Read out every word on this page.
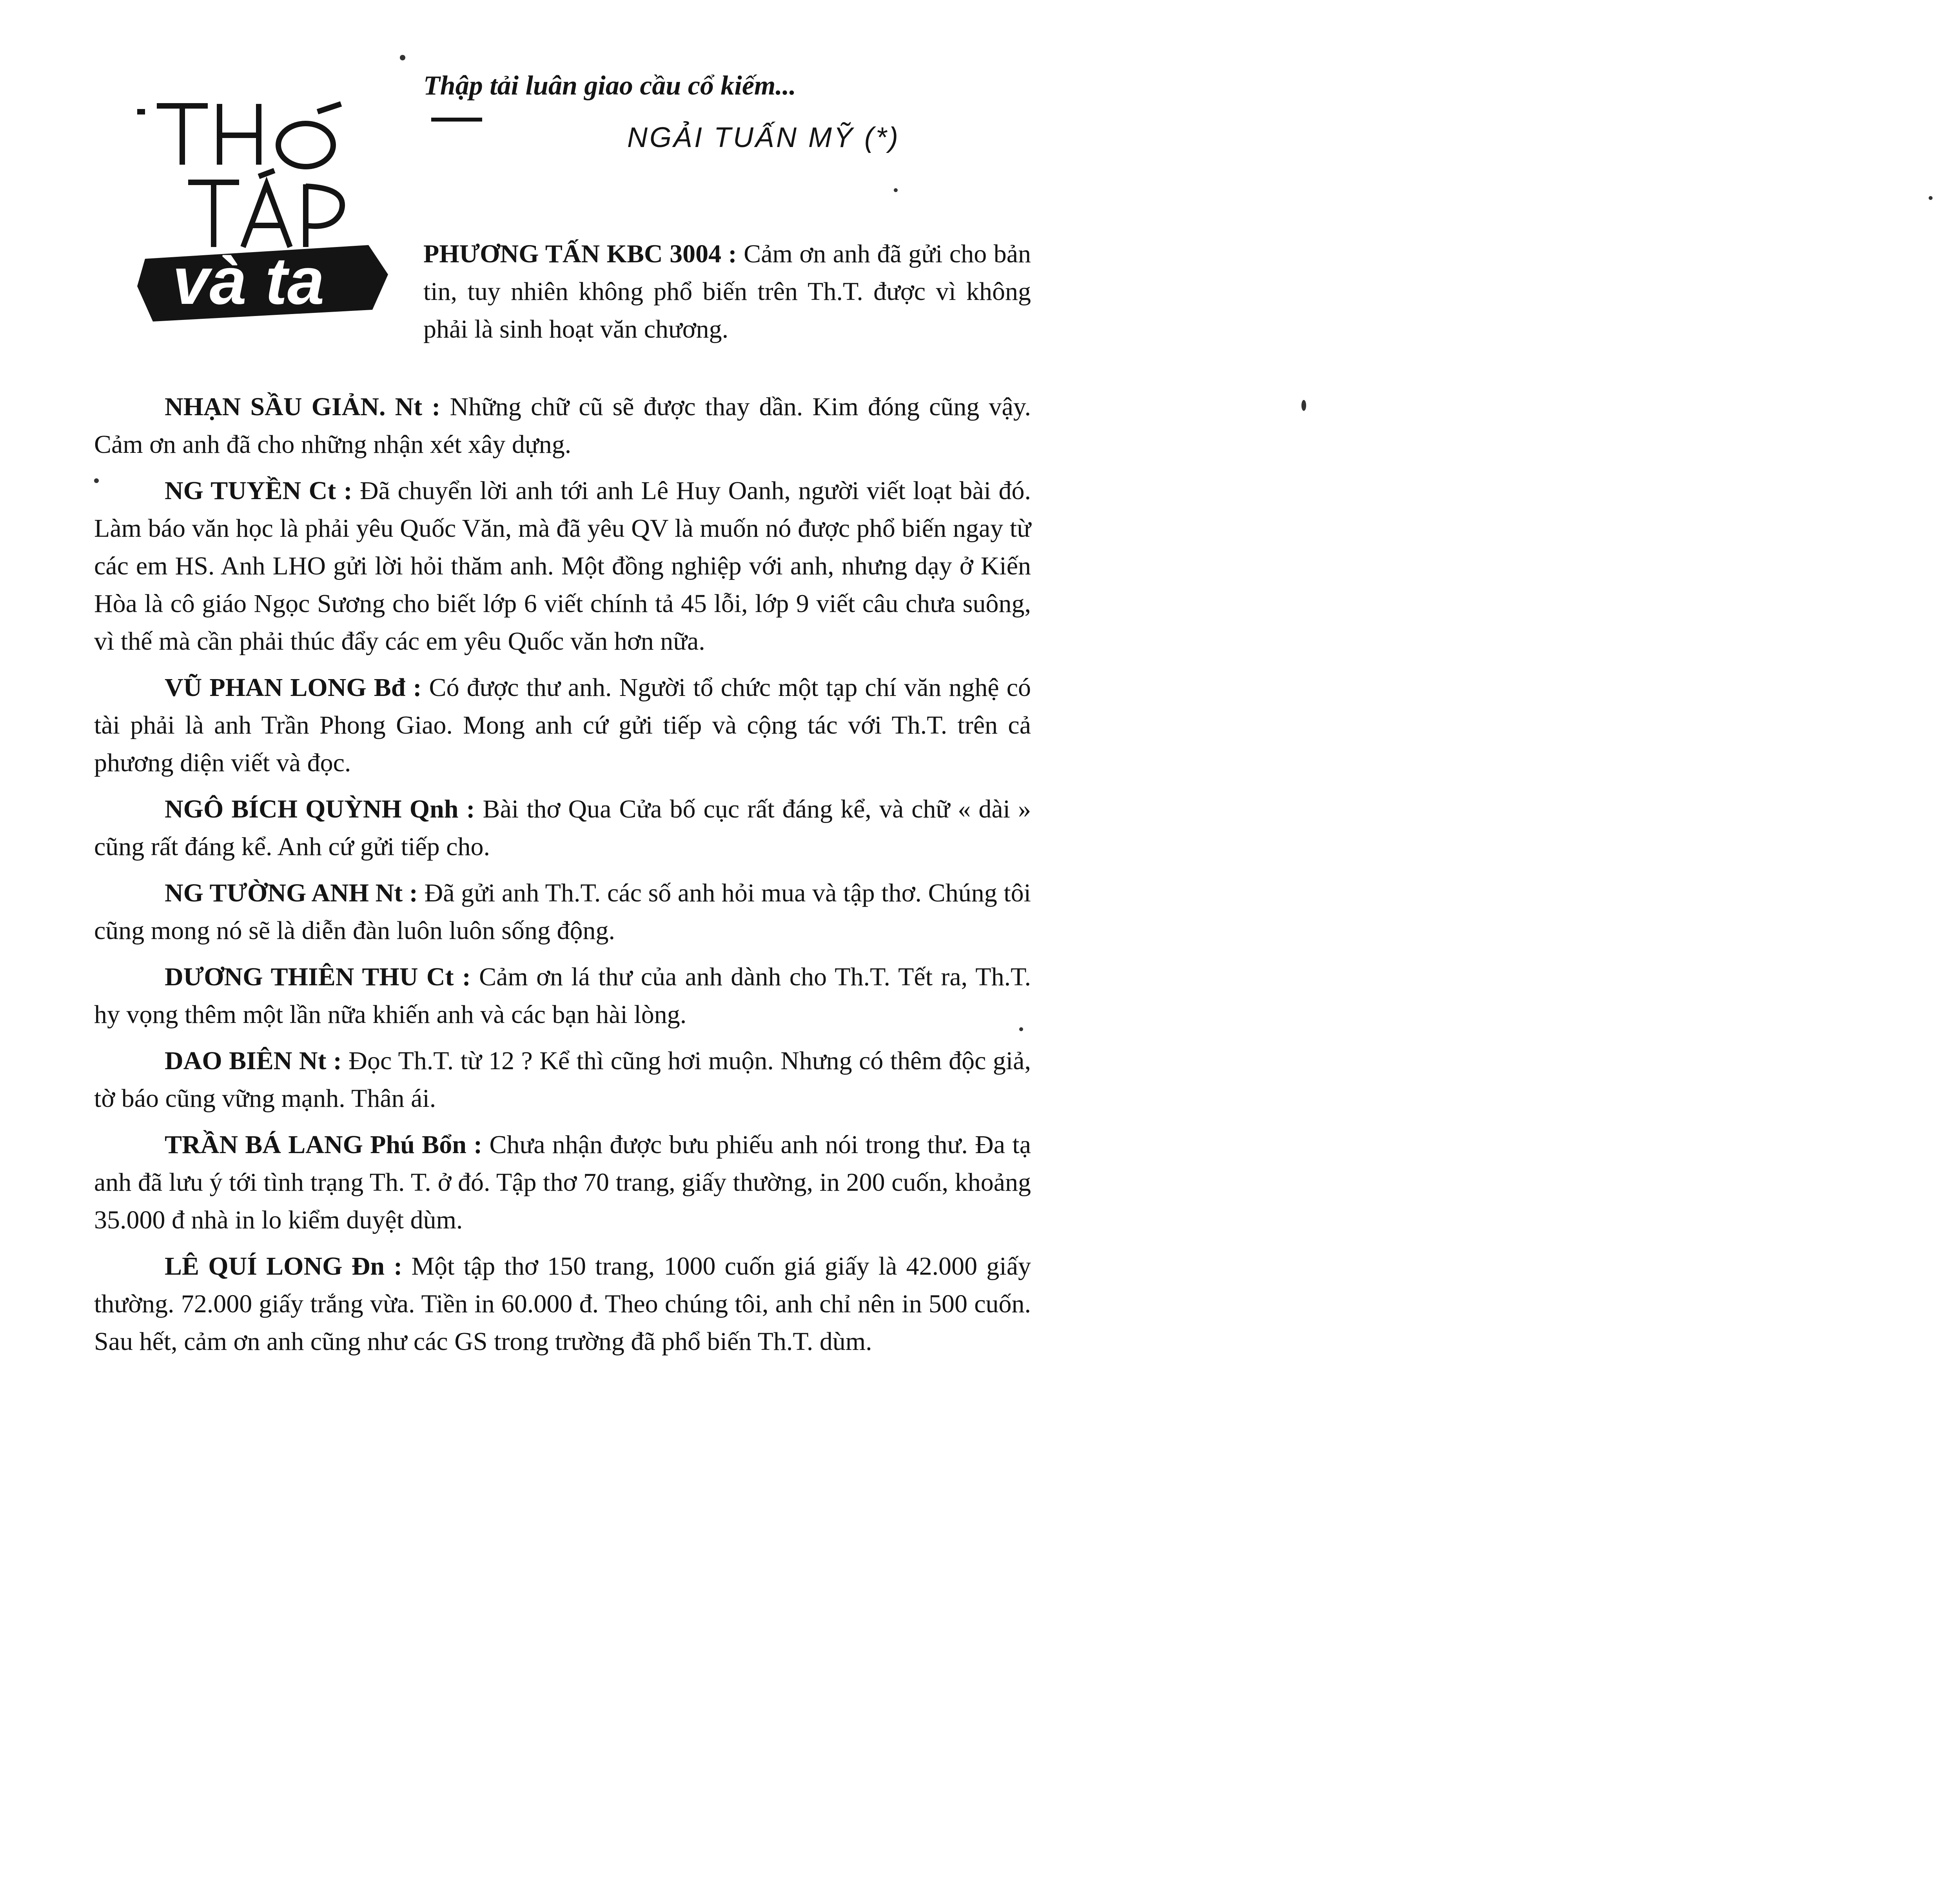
và ta
Thập tải luân giao cầu cổ kiếm...
NGẢI TUẤN MỸ (*)

PHƯƠNG TẤN KBC 3004 : Cảm ơn anh đã gửi cho bản tin, tuy nhiên không phổ biến trên Th.T. được vì không phải là sinh hoạt văn chương.

NHẠN SẦU GIẢN. Nt : Những chữ cũ sẽ được thay dần. Kim đóng cũng vậy. Cảm ơn anh đã cho những nhận xét xây dựng.

NG TUYỀN Ct : Đã chuyển lời anh tới anh Lê Huy Oanh, người viết loạt bài đó. Làm báo văn học là phải yêu Quốc Văn, mà đã yêu QV là muốn nó được phổ biến ngay từ các em HS. Anh LHO gửi lời hỏi thăm anh. Một đồng nghiệp với anh, nhưng dạy ở Kiến Hòa là cô giáo Ngọc Sương cho biết lớp 6 viết chính tả 45 lỗi, lớp 9 viết câu chưa suông, vì thế mà cần phải thúc đẩy các em yêu Quốc văn hơn nữa.

VŨ PHAN LONG Bđ : Có được thư anh. Người tổ chức một tạp chí văn nghệ có tài phải là anh Trần Phong Giao. Mong anh cứ gửi tiếp và cộng tác với Th.T. trên cả phương diện viết và đọc.

NGÔ BÍCH QUỲNH Qnh : Bài thơ Qua Cửa bố cục rất đáng kể, và chữ « dài » cũng rất đáng kể. Anh cứ gửi tiếp cho.

NG TƯỜNG ANH Nt : Đã gửi anh Th.T. các số anh hỏi mua và tập thơ. Chúng tôi cũng mong nó sẽ là diễn đàn luôn luôn sống động.

DƯƠNG THIÊN THU Ct : Cảm ơn lá thư của anh dành cho Th.T. Tết ra, Th.T. hy vọng thêm một lần nữa khiến anh và các bạn hài lòng.

DAO BIÊN Nt : Đọc Th.T. từ 12 ? Kể thì cũng hơi muộn. Nhưng có thêm độc giả, tờ báo cũng vững mạnh. Thân ái.

TRẦN BÁ LANG Phú Bổn : Chưa nhận được bưu phiếu anh nói trong thư. Đa tạ anh đã lưu ý tới tình trạng Th. T. ở đó. Tập thơ 70 trang, giấy thường, in 200 cuốn, khoảng 35.000 đ nhà in lo kiểm duyệt dùm.

LÊ QUÍ LONG Đn : Một tập thơ 150 trang, 1000 cuốn giá giấy là 42.000 giấy thường. 72.000 giấy trắng vừa. Tiền in 60.000 đ. Theo chúng tôi, anh chỉ nên in 500 cuốn. Sau hết, cảm ơn anh cũng như các GS trong trường đã phổ biến Th.T. dùm.
